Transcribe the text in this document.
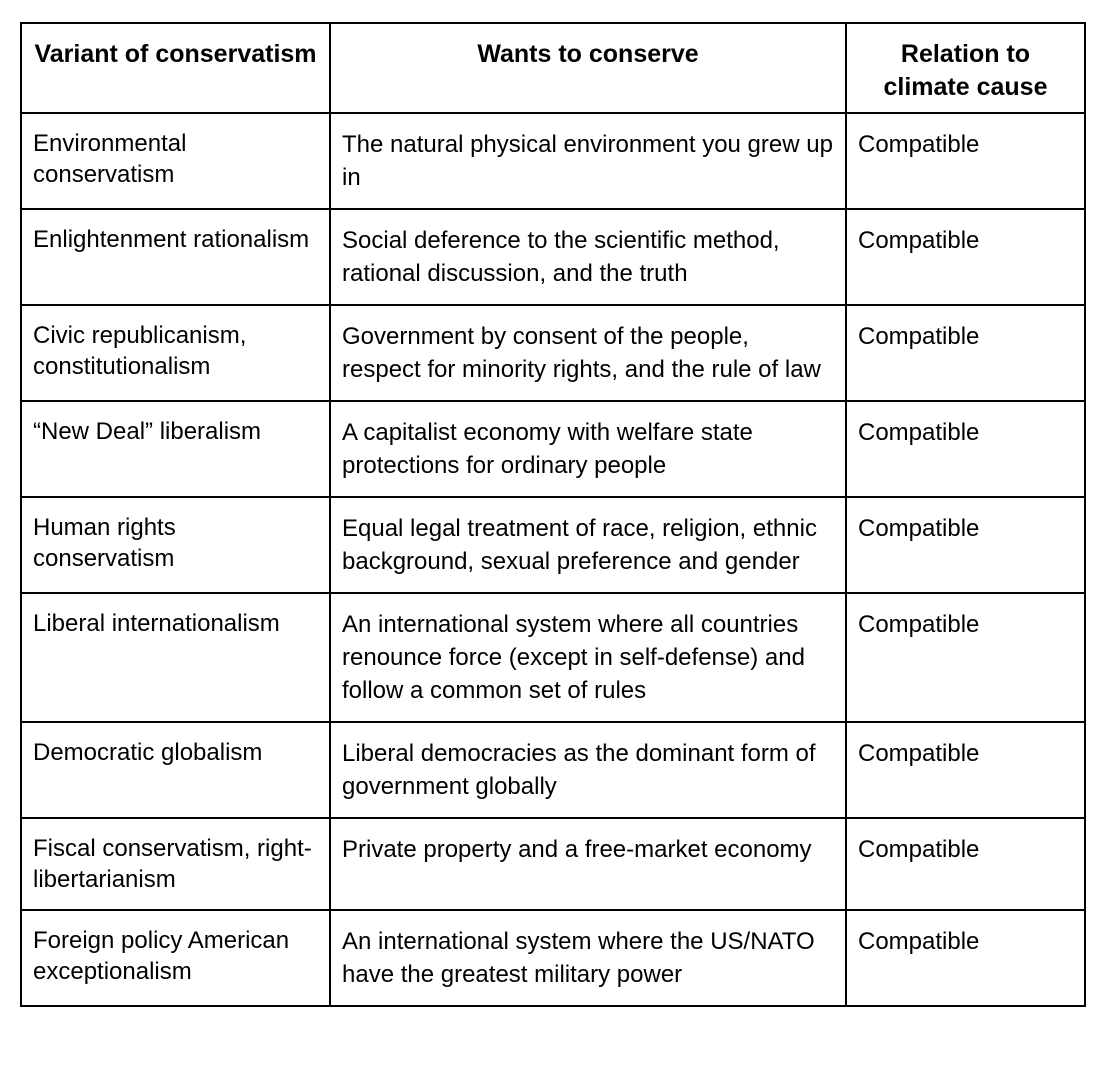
Variant of conservatism	Wants to conserve	Relation to climate cause
Environmental conservatism	The natural physical environment you grew up in	Compatible
Enlightenment rationalism	Social deference to the scientific method, rational discussion, and the truth	Compatible
Civic republicanism, constitutionalism	Government by consent of the people, respect for minority rights, and the rule of law	Compatible
“New Deal” liberalism	A capitalist economy with welfare state protections for ordinary people	Compatible
Human rights conservatism	Equal legal treatment of race, religion, ethnic background, sexual preference and gender	Compatible
Liberal internationalism	An international system where all countries renounce force (except in self-defense) and follow a common set of rules	Compatible
Democratic globalism	Liberal democracies as the dominant form of government globally	Compatible
Fiscal conservatism, right-libertarianism	Private property and a free-market economy	Compatible
Foreign policy American exceptionalism	An international system where the US/NATO have the greatest military power	Compatible
